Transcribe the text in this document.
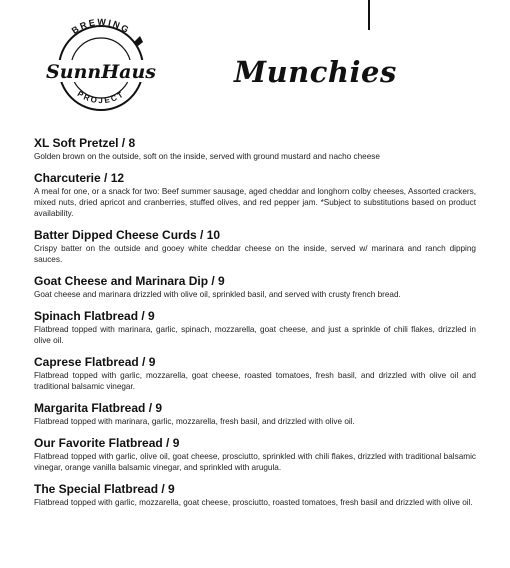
BREWING
PROJECT
SunnHaus	Munchies
XL Soft Pretzel / 8
Golden brown on the outside, soft on the inside, served with ground mustard and nacho cheese
Charcuterie / 12
A meal for one, or a snack for two: Beef summer sausage, aged cheddar and longhorn colby cheeses, Assorted crackers, mixed nuts, dried apricot and cranberries, stuffed olives, and red pepper jam. *Subject to substitutions based on product availability.
Batter Dipped Cheese Curds / 10
Crispy batter on the outside and gooey white cheddar cheese on the inside, served w/ marinara and ranch dipping sauces.
Goat Cheese and Marinara Dip / 9
Goat cheese and marinara drizzled with olive oil, sprinkled basil, and served with crusty french bread.
Spinach Flatbread / 9
Flatbread topped with marinara, garlic, spinach, mozzarella, goat cheese, and just a sprinkle of chili flakes, drizzled in olive oil.
Caprese Flatbread / 9
Flatbread topped with garlic, mozzarella, goat cheese, roasted tomatoes, fresh basil, and drizzled with olive oil and traditional balsamic vinegar.
Margarita Flatbread / 9
Flatbread topped with marinara, garlic, mozzarella, fresh basil, and drizzled with olive oil.
Our Favorite Flatbread / 9
Flatbread topped with garlic, olive oil, goat cheese, prosciutto, sprinkled with chili flakes, drizzled with traditional balsamic vinegar, orange vanilla balsamic vinegar, and sprinkled with arugula.
The Special Flatbread / 9
Flatbread topped with garlic, mozzarella, goat cheese, prosciutto, roasted tomatoes, fresh basil and drizzled with olive oil.
